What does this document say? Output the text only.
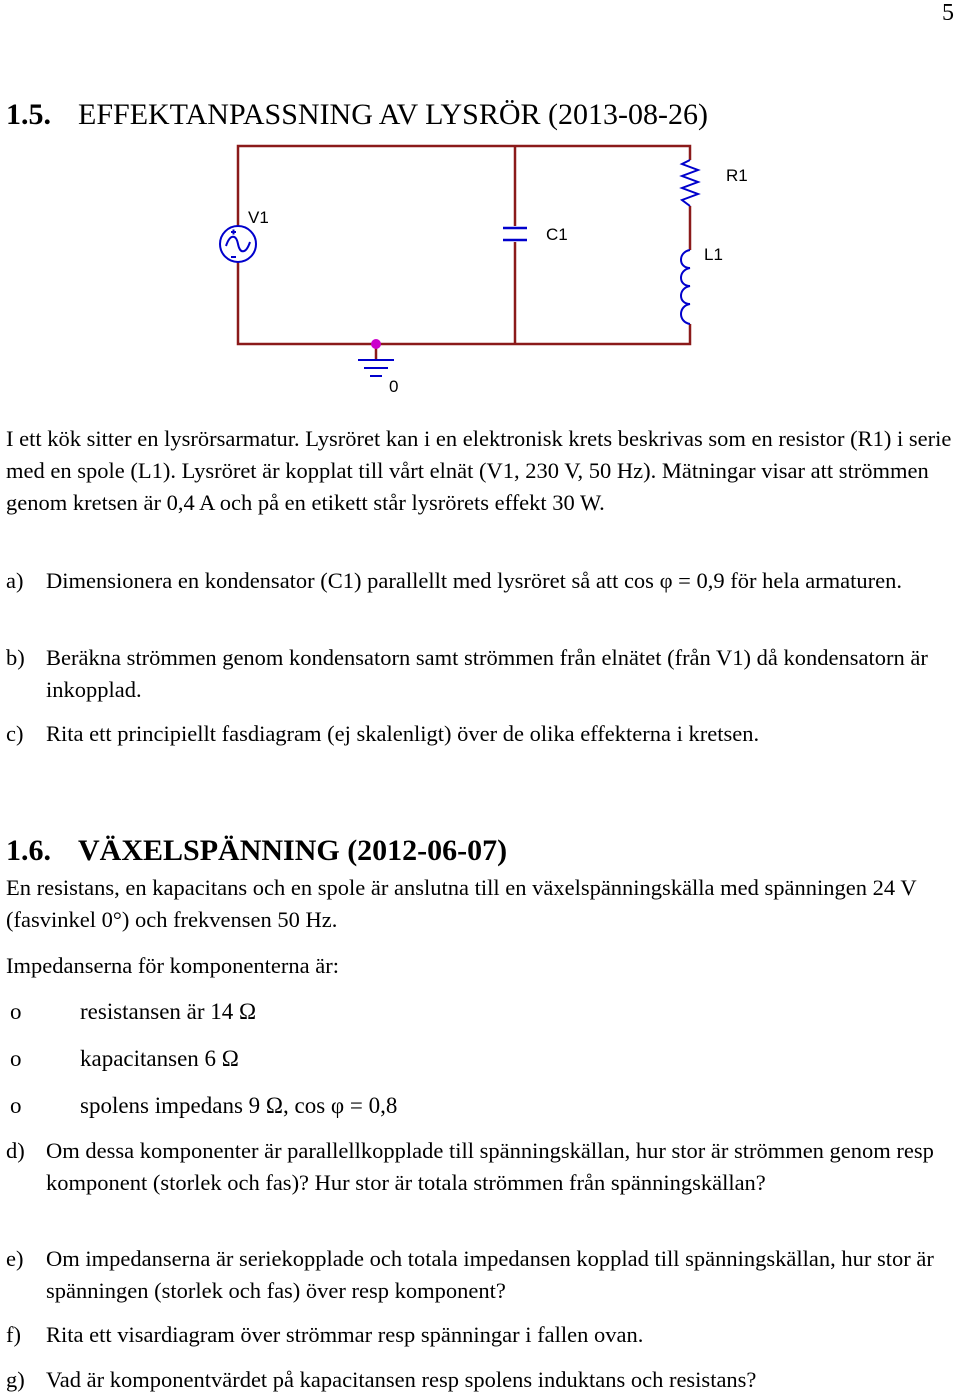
5
1.5. EFFEKTANPASSNING AV LYSRÖR (2013-08-26)
V1
C1
R1
L1
0

I ett kök sitter en lysrörsarmatur. Lysröret kan i en elektronisk krets beskrivas som en resistor (R1) i serie med en spole (L1). Lysröret är kopplat till vårt elnät (V1, 230 V, 50 Hz). Mätningar visar att strömmen genom kretsen är 0,4 A och på en etikett står lysrörets effekt 30 W.

a) Dimensionera en kondensator (C1) parallellt med lysröret så att cos φ = 0,9 för hela armaturen.
b) Beräkna strömmen genom kondensatorn samt strömmen från elnätet (från V1) då kondensatorn är inkopplad.
c) Rita ett principiellt fasdiagram (ej skalenligt) över de olika effekterna i kretsen.
1.6. VÄXELSPÄNNING (2012-06-07)

En resistans, en kapacitans och en spole är anslutna till en växelspänningskälla med spänningen 24 V (fasvinkel 0°) och frekvensen 50 Hz.

Impedanserna för komponenterna är:

o	resistansen är 14 Ω
o	kapacitansen 6 Ω
o	spolens impedans 9 Ω, cos φ = 0,8
d) Om dessa komponenter är parallellkopplade till spänningskällan, hur stor är strömmen genom resp komponent (storlek och fas)? Hur stor är totala strömmen från spänningskällan?
e) Om impedanserna är seriekopplade och totala impedansen kopplad till spänningskällan, hur stor är spänningen (storlek och fas) över resp komponent?
f) Rita ett visardiagram över strömmar resp spänningar i fallen ovan.
g) Vad är komponentvärdet på kapacitansen resp spolens induktans och resistans?
